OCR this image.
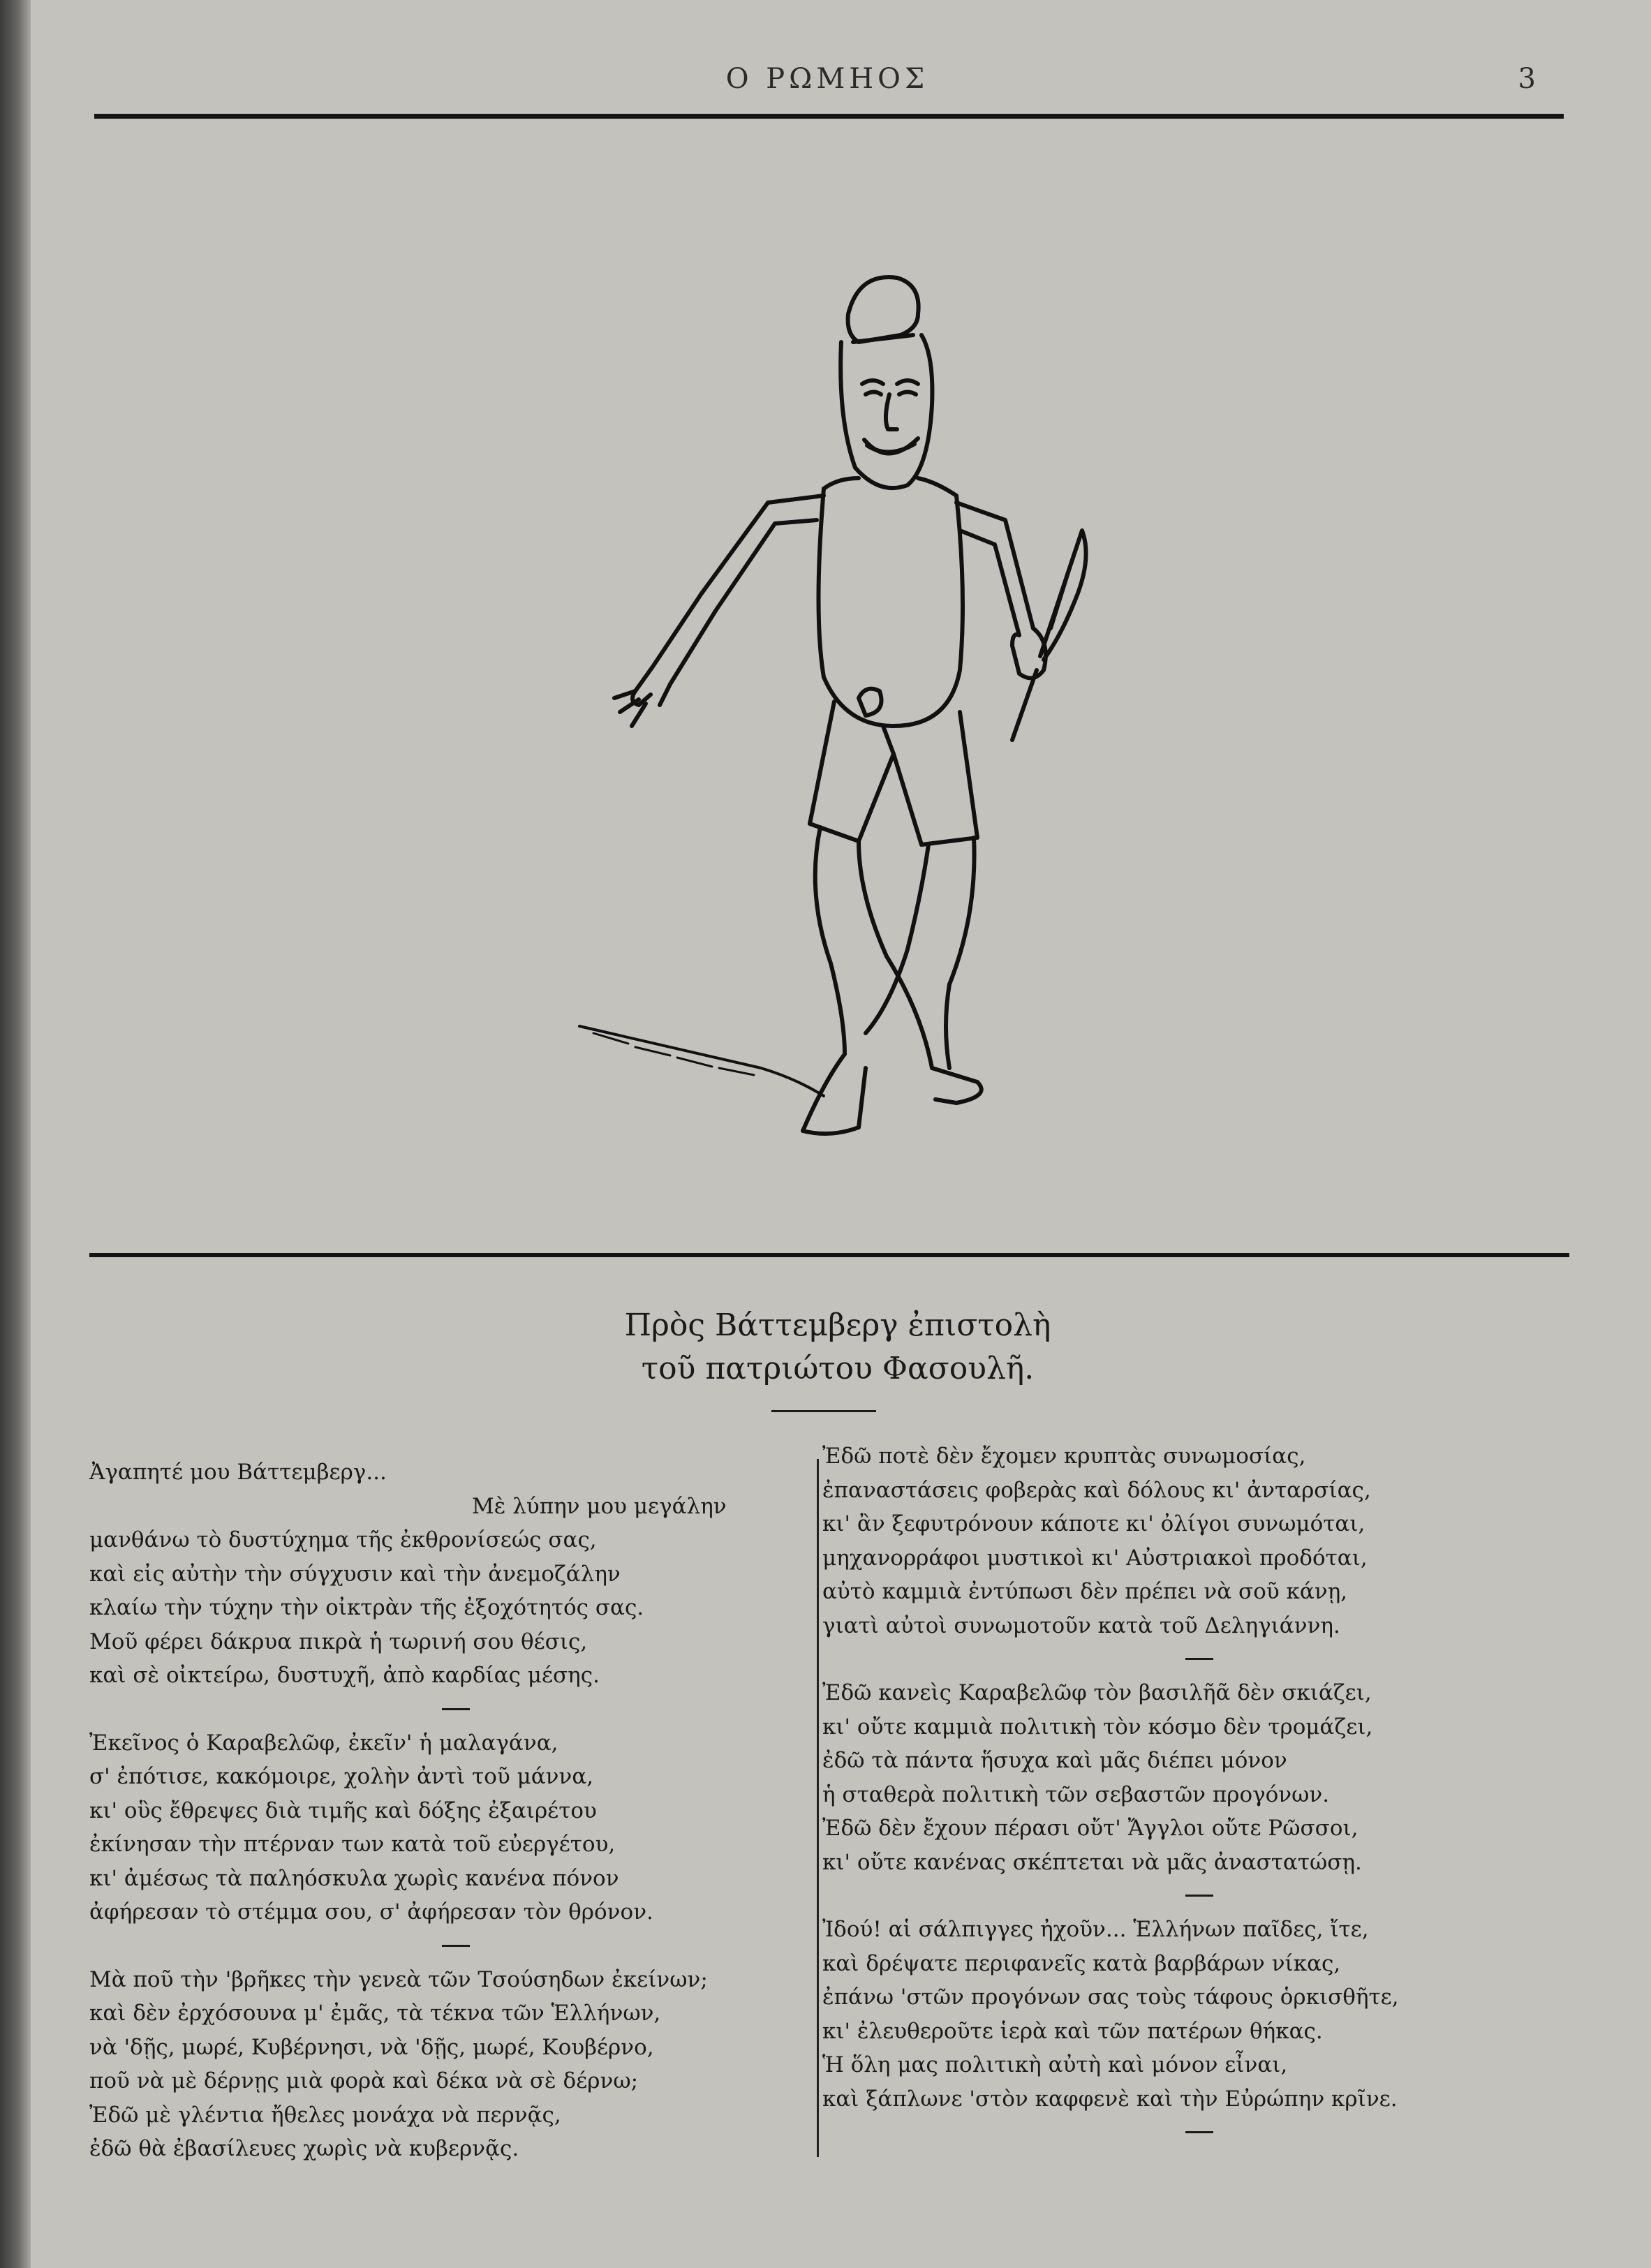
Ο ΡΩΜΗΟΣ	3
Πρὸς Βάττεμβεργ ἐπιστολὴ
τοῦ πατριώτου Φασουλῆ.
Ἀγαπητέ μου Βάττεμβεργ...
Μὲ λύπην μου μεγάλην
μανθάνω τὸ δυστύχημα τῆς ἐκθρονίσεώς σας,
καὶ εἰς αὐτὴν τὴν σύγχυσιν καὶ τὴν ἀνεμοζάλην
κλαίω τὴν τύχην τὴν οἰκτρὰν τῆς ἐξοχότητός σας.
Μοῦ φέρει δάκρυα πικρὰ ἡ τωρινή σου θέσις,
καὶ σὲ οἰκτείρω, δυστυχῆ, ἀπὸ καρδίας μέσης.
Ἐκεῖνος ὁ Καραβελῶφ, ἐκεῖν' ἡ μαλαγάνα,
σ' ἐπότισε, κακόμοιρε, χολὴν ἀντὶ τοῦ μάννα,
κι' οὓς ἔθρεψες διὰ τιμῆς καὶ δόξης ἐξαιρέτου
ἐκίνησαν τὴν πτέρναν των κατὰ τοῦ εὐεργέτου,
κι' ἀμέσως τὰ παληόσκυλα χωρὶς κανένα πόνον
ἀφήρεσαν τὸ στέμμα σου, σ' ἀφήρεσαν τὸν θρόνον.
Μὰ ποῦ τὴν 'βρῆκες τὴν γενεὰ τῶν Τσούσηδων ἐκείνων;
καὶ δὲν ἐρχόσουνα μ' ἐμᾶς, τὰ τέκνα τῶν Ἑλλήνων,
νὰ 'δῇς, μωρέ, Κυβέρνησι, νὰ 'δῇς, μωρέ, Κουβέρνο,
ποῦ νὰ μὲ δέρνῃς μιὰ φορὰ καὶ δέκα νὰ σὲ δέρνω;
Ἐδῶ μὲ γλέντια ἤθελες μονάχα νὰ περνᾷς,
ἐδῶ θὰ ἐβασίλευες χωρὶς νὰ κυβερνᾷς.
Ἐδῶ ποτὲ δὲν ἔχομεν κρυπτὰς συνωμοσίας,
ἐπαναστάσεις φοβερὰς καὶ δόλους κι' ἀνταρσίας,
κι' ἂν ξεφυτρόνουν κάποτε κι' ὀλίγοι συνωμόται,
μηχανορράφοι μυστικοὶ κι' Αὐστριακοὶ προδόται,
αὐτὸ καμμιὰ ἐντύπωσι δὲν πρέπει νὰ σοῦ κάνῃ,
γιατὶ αὐτοὶ συνωμοτοῦν κατὰ τοῦ Δεληγιάννη.
Ἐδῶ κανεὶς Καραβελῶφ τὸν βασιλῆᾶ δὲν σκιάζει,
κι' οὔτε καμμιὰ πολιτικὴ τὸν κόσμο δὲν τρομάζει,
ἐδῶ τὰ πάντα ἥσυχα καὶ μᾶς διέπει μόνον
ἡ σταθερὰ πολιτικὴ τῶν σεβαστῶν προγόνων.
Ἐδῶ δὲν ἔχουν πέρασι οὔτ' Ἄγγλοι οὔτε Ρῶσσοι,
κι' οὔτε κανένας σκέπτεται νὰ μᾶς ἀναστατώσῃ.
Ἰδού! αἱ σάλπιγγες ἠχοῦν... Ἑλλήνων παῖδες, ἴτε,
καὶ δρέψατε περιφανεῖς κατὰ βαρβάρων νίκας,
ἐπάνω 'στῶν προγόνων σας τοὺς τάφους ὁρκισθῆτε,
κι' ἐλευθερoῦτε ἱερὰ καὶ τῶν πατέρων θήκας.
Ἡ ὅλη μας πολιτικὴ αὐτὴ καὶ μόνον εἶναι,
καὶ ξάπλωνε 'στὸν καφφενὲ καὶ τὴν Εὐρώπην κρῖνε.
